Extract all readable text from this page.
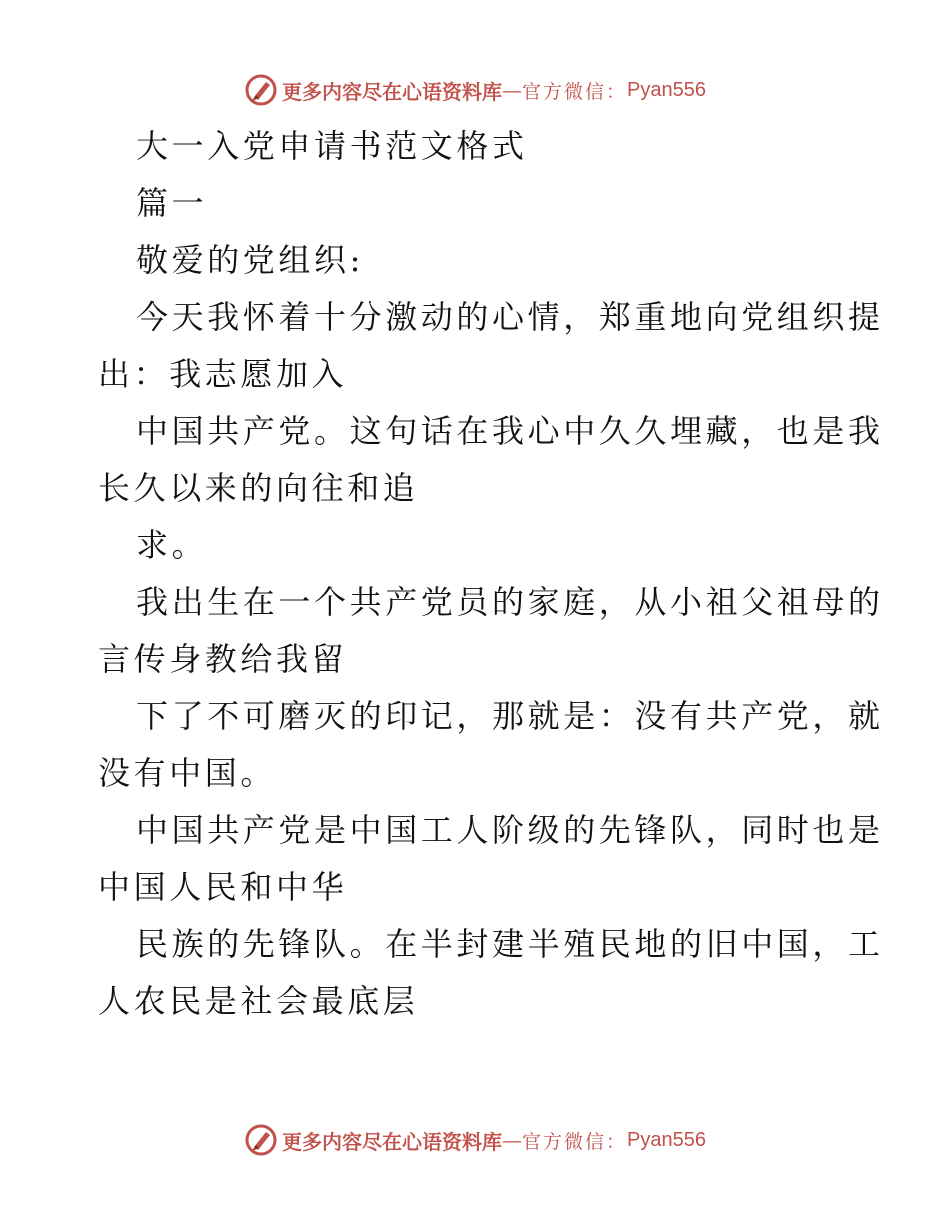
更多内容尽在心语资料库 — 官方微信： Pyan556
大一入党申请书范文格式
篇一
敬爱的党组织:
今天我怀着十分激动的心情，郑重地向党组织提
出：我志愿加入
中国共产党。这句话在我心中久久埋藏，也是我
长久以来的向往和追
求。
我出生在一个共产党员的家庭，从小祖父祖母的
言传身教给我留
下了不可磨灭的印记，那就是：没有共产党，就
没有中国。
中国共产党是中国工人阶级的先锋队，同时也是
中国人民和中华
民族的先锋队。在半封建半殖民地的旧中国，工
人农民是社会最底层
更多内容尽在心语资料库 — 官方微信： Pyan556
